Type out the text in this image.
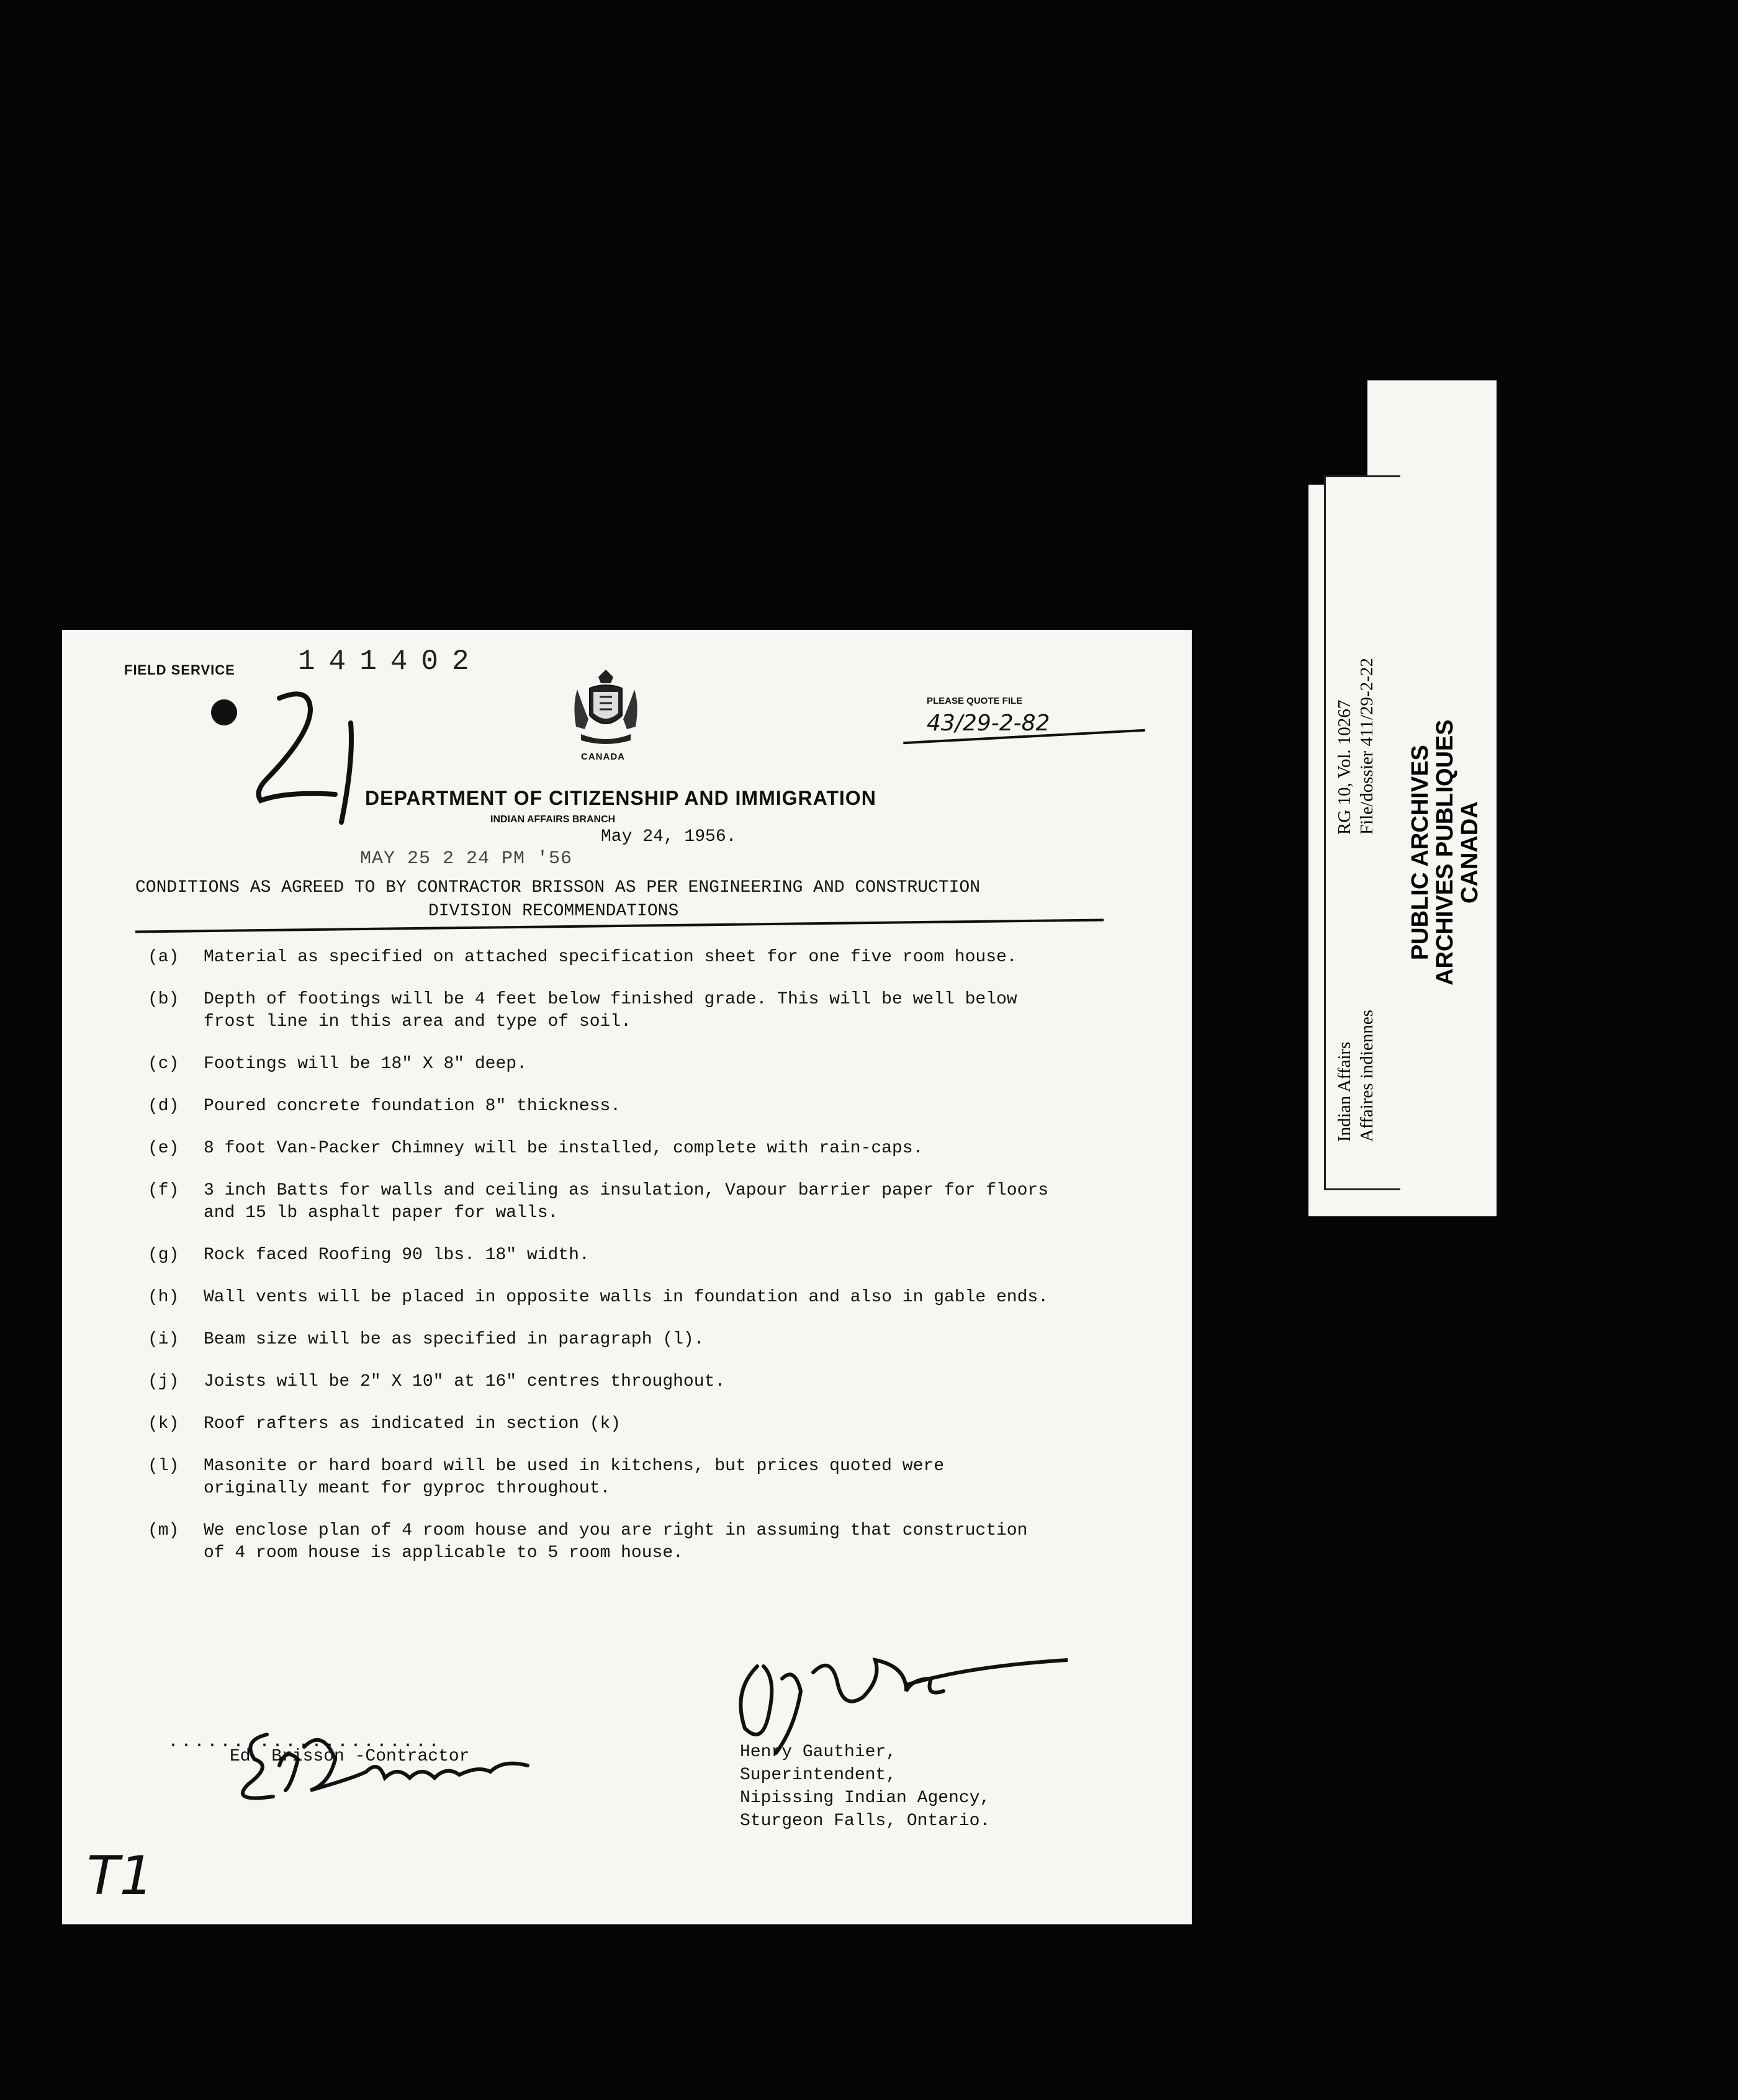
FIELD SERVICE 141402
CANADA
PLEASE QUOTE FILE
43/29-2-82
DEPARTMENT OF CITIZENSHIP AND IMMIGRATION
INDIAN AFFAIRS BRANCH
May 24, 1956.
MAY 25 2 24 PM '56
CONDITIONS AS AGREED TO BY CONTRACTOR BRISSON AS PER ENGINEERING AND CONSTRUCTION
DIVISION RECOMMENDATIONS
(a)	Material as specified on attached specification sheet for one five room house.
(b)	Depth of footings will be 4 feet below finished grade. This will be well below
frost line in this area and type of soil.
(c)	Footings will be 18" X 8" deep.
(d)	Poured concrete foundation 8" thickness.
(e)	8 foot Van-Packer Chimney will be installed, complete with rain-caps.
(f)	3 inch Batts for walls and ceiling as insulation, Vapour barrier paper for floors
and 15 lb asphalt paper for walls.
(g)	Rock faced Roofing 90 lbs. 18" width.
(h)	Wall vents will be placed in opposite walls in foundation and also in gable ends.
(i)	Beam size will be as specified in paragraph (l).
(j)	Joists will be 2" X 10" at 16" centres throughout.
(k)	Roof rafters as indicated in section (k)
(l)	Masonite or hard board will be used in kitchens, but prices quoted were
originally meant for gyproc throughout.
(m)	We enclose plan of 4 room house and you are right in assuming that construction
of 4 room house is applicable to 5 room house.
.....................
Ed. Brisson -Contractor	Henry Gauthier,
Superintendent,
Nipissing Indian Agency,
Sturgeon Falls, Ontario.
T1
Indian Affairs Affaires indiennes
RG 10, Vol. 10267 File/dossier 411/29-2-22 PUBLIC ARCHIVES
ARCHIVES PUBLIQUES
CANADA
